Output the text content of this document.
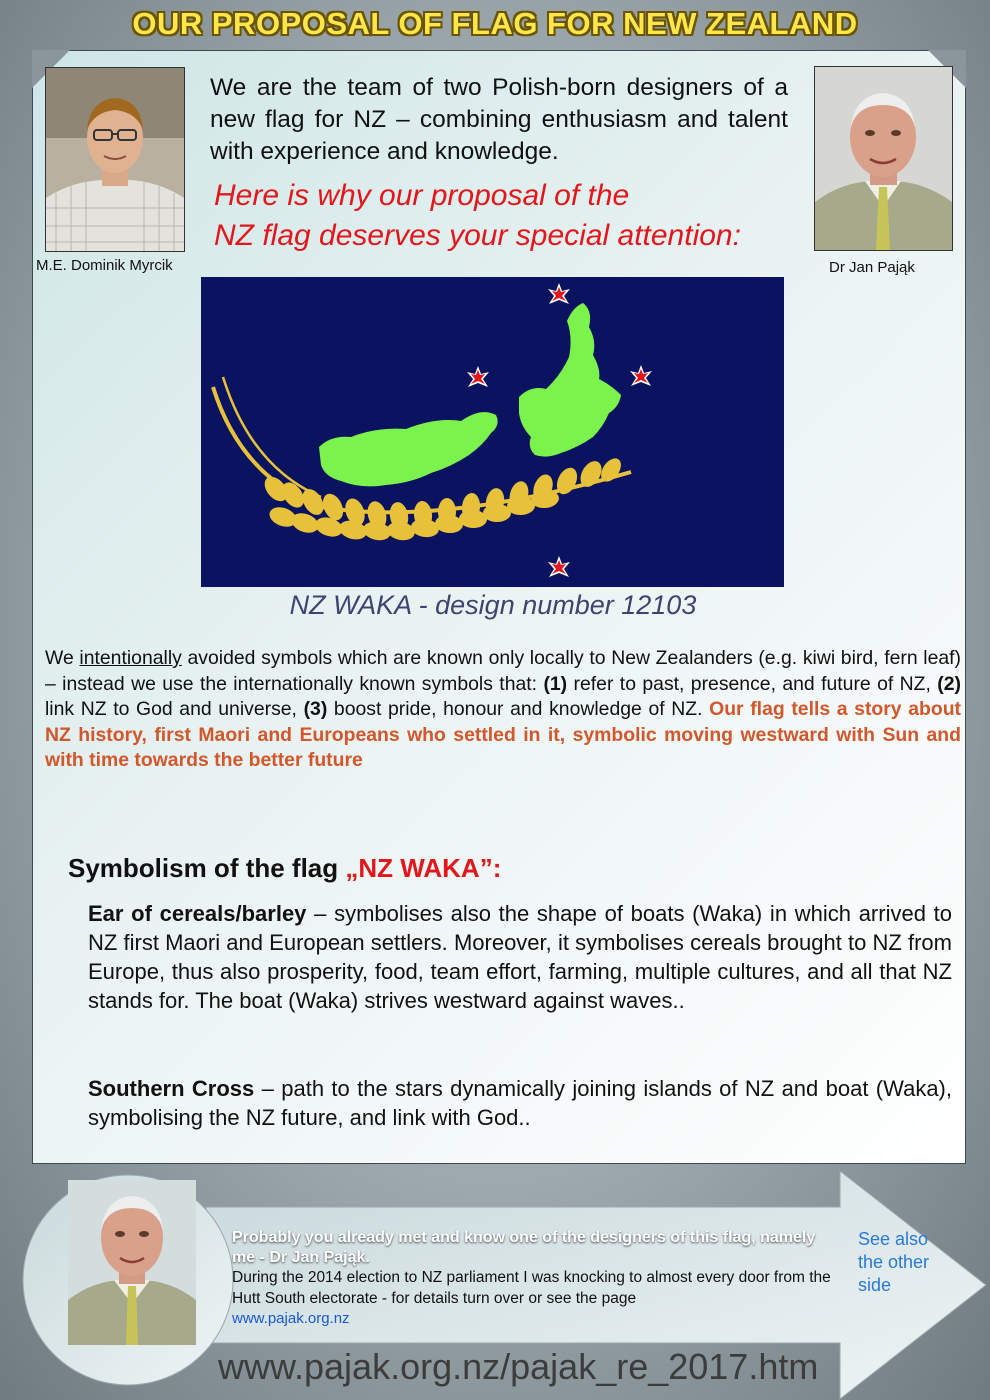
OUR PROPOSAL OF FLAG FOR NEW ZEALAND
M.E. Dominik Myrcik	Dr Jan Pająk
We are the team of two Polish-born designers of a new flag for NZ – combining enthusiasm and talent with experience and knowledge.
Here is why our proposal of the
NZ flag deserves your special attention:
NZ WAKA - design number 12103
We intentionally avoided symbols which are known only locally to New Zealanders (e.g. kiwi bird, fern leaf) – instead we use the internationally known symbols that: (1) refer to past, presence, and future of NZ, (2) link NZ to God and universe, (3) boost pride, honour and knowledge of NZ. Our flag tells a story about NZ history, first Maori and Europeans who settled in it, symbolic moving westward with Sun and with time towards the better future
Symbolism of the flag „NZ WAKA”:
Ear of cereals/barley – symbolises also the shape of boats (Waka) in which arrived to NZ first Maori and European settlers. Moreover, it symbolises cereals brought to NZ from Europe, thus also prosperity, food, team effort, farming, multiple cultures, and all that NZ stands for. The boat (Waka) strives westward against waves..
Southern Cross – path to the stars dynamically joining islands of NZ and boat (Waka), symbolising the NZ future, and link with God..
Probably you already met and know one of the designers of this flag, namely me - Dr Jan Pająk.
During the 2014 election to NZ parliament I was knocking to almost every door from the Hutt South electorate - for details turn over or see the page
www.pajak.org.nz
See also the other side
www.pajak.org.nz/pajak_re_2017.htm
